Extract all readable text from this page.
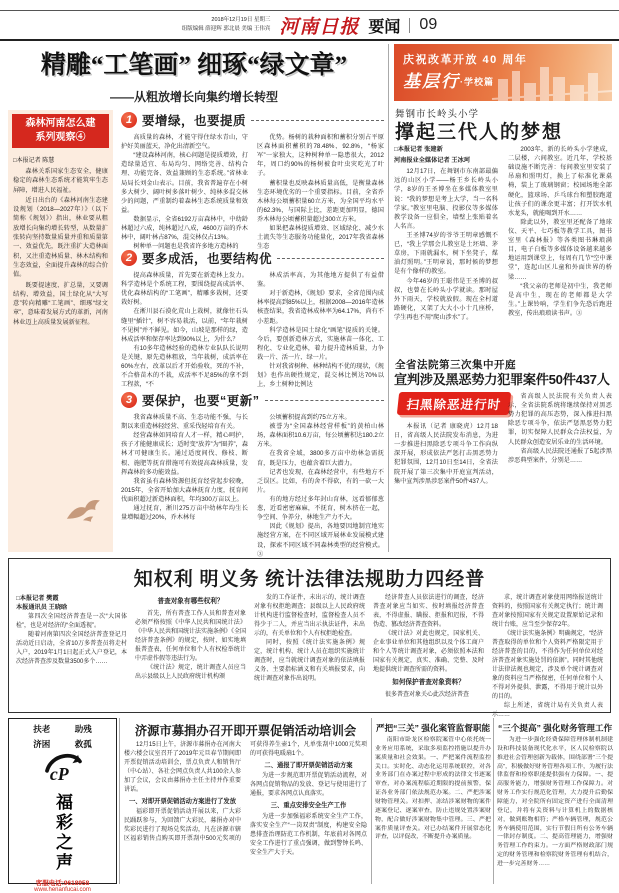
2018年12月19日 星期三
组版编辑 薛迎辉 郭北晨 美编 王伟宾 河南日报 要闻 09
精雕“工笔画” 细琢“绿文章”
——从粗放增长向集约增长转型
森林河南怎么建
系列观察④
□本报记者 陈慧

森林关系国家生态安全，健康稳定的森林生态系统才能筑牢生态屏障，增进人民福祉。

近日出台的《森林河南生态建设规划（2018—2027年）》（以下简称《规划》）指出，林业要从粗放增长向集约增长转型，从数量扩张转向坚持数量质量并重和质量第一、效益优先，既注重扩大造林面积，又注重造林质量、林木结构和生态效益，全面提升森林的综合价值。

既要提速度、扩总量，又要调结构、增效益，国土绿化从“大写意”转向精雕“工笔画”、细琢“绿文章”，意味着发展方式的革新，河南林业迈上高质量发展新征程。

1 要增绿，也要提质

高质量的森林，才能守得住绿水青山，守护好美丽蓝天，净化出清新空气。

“建设森林河南，核心问题是提质增效，打造绿量适宜、布局均匀、网络完善、结构合理、功能完备、效益兼顾的生态系统。”省林业局局长刘金山表示。目前，我省普遍存在小树多大树少、阔叶树多落叶树少、纯林多混交林少的问题，严重制约着森林生态系统质量和效益。

数据显示，全省6192万亩森林中，中幼龄林超过六成，纯林超过八成，4600万亩的乔木林中，阔叶林占87%，混交林仅占13%。

树种单一问题也是我省许多地方造林的

优势。杨树的栽种面积和蓄积分别占平原区森林面积蓄积的78.48%、92.8%，“杨家军”一家独大，这种树种单一隐患很大，2012年，周口约90%的杨树被食叶虫灾吃光了叶子。

蓄积量也反映森林质量高低，是衡量森林生态环境优劣的一个重要指标。目前，全省乔木林每公顷蓄积量60立方米，为全国平均水平的62.3%，与国际上比，差距更加明显，德国乔木林每公顷蓄积量超过300立方米。

如果把森林提质增效、区域绿化、减少水土流失等生态服务功能量化，2017年我省森林生态

2 要多成活，也要结构优

提高森林质量，首先要在新造林上发力。科学造林是个系统工程，要围绕提高成活率、优化森林结构的“工笔画”，精雕多栽树，还要栽好树。

在淅川县石漠化荒山上栽树，就像往石头缝里“插针”，树不容易栽活，以前，“年年栽树不见树”并不鲜见。如今，山坡是那样的绿，造林成活率和保存率达到90%以上，为什么？

有10多年造林经验的造林专业队队长说明是关键，原先造林粗放，当年栽树，成活率在60%左右，改革以后才开始验收，死的不补，不合格苗木的不栽，成活率不足85%的拿不到工程款，“不

林成活率高，为其他地方提供了有益借鉴。

对于新造林，《规划》要求，全省范围内成林率提高到85%以上，根据2008—2016年造林核查结果，我省造林成林率为64.17%，尚有不小差距。

科学造林是国土绿化“画笔”提质的关键。今后，要创新造林方式，实施林苗一体化、工程化、专业化造林，着力提升造林质量，力争栽一片、活一片、绿一片。

针对我省树种、林种结构不优的现状，《规划》也作出硬性规定，混交林比例达70%以上，乡土树种比例达

3 要保护，也要“更新”

我省森林质量不高、生态功能不强，与长期以来重造林轻经营、重采伐轻培育有关。

经营森林如同培育人才一样，精心呵护，孩子才能健康成长；适时变“放养”为“圈养”，森林才可健康生长。通过适度间伐、修枝、断根、施肥等抚育措施可有效提高森林质量，发挥森林的多功能效益。

我省虽有森林资源但抚育经营起步较晚，2015年，全省开始加大森林抚育力度，抚育间伐面积超过新造林面积，年均300万亩以上。

通过抚育，淅川275万亩中幼林年均生长量增幅超过20%，乔木林每

公顷蓄积提高到约75立方米。

被誉为“全国森林经营样板”的黄柏山林场，森林面积10.6万亩，每公顷蓄积达180.2立方米。

在我省全域，3800多万亩中幼林急需抚育，既是压力，也蕴含着巨大潜力。

记者也发现，在森林经营中，有些地方不乏误区。比如，有的舍不得砍，有的一砍一大片。

有的地方经过多年封山育林，远看郁郁葱葱，近看密密麻麻，不抚育，树木挤在一起，争空间、争养分，林地生产力不大。

因此《规划》提出，各地要因地制宜地实施经营方案，在不同区域开展林业发展模式建设，探索不同区域不同森林类型的经营模式。③

庆祝改革开放 40 周年
基层行$^{\cdot 学校篇}$
舞钢市长岭头小学
撑起三代人的梦想
□本报记者 张建新
河南报业全媒体记者 王冰珂

12月17日，在舞钢市东南部最偏远的山区小学——杨王乡长岭头小学，8岁的王圣博坐在多媒体教室里说：“我的梦想是考上大学，当一名科学家。”教室里电脑、投影仪等多媒体教学设备一应俱全，墙壁上张贴着名人名言。

王圣博74岁的爷爷王明章感慨不已，“我上学那会儿教室是土坯墙、茅草房，下雨就漏水，树下坐凳子，煤油灯照明。”王明章说，那时候的梦想是有个像样的教室。

今年46岁的王聪伟是王圣博的叔叔，也曾在长岭头小学就读。那时屋外下雨天，学校就放假。现在全村道路硬化，又架了大大小小十几座桥，学生再也不用“爬山涉水”了。

2003年，新的长岭头小学建成，二层楼，六间教室。近几年，学校基础设施不断完善：每间教室里安装了吊扇和照明灯，换上了标准化课桌椅，装上了玻璃钢窗；校园场地全部硬化，篮球场、乒乓球台和塑胶跑道让孩子们的课余更丰富；打开饮水机水龙头，就能喝到开水……

除此以外，教室里还配备了地球仪、天平、七巧板等教学工具，图书室里《森林报》等各类图书琳琅满目，电子白板等多媒体设备越来越多地运用到课堂上，每周有几节“空中课堂”，连起山区儿童和外面世界的桥梁……

“我父亲的老师是初中生，我老师是高中生，现在的老师都是大学生。”上课铃响，学生们争先恐后跑进教室，传出琅琅读书声。③

全省法院第三次集中开庭
宣判涉及黑恶势力犯罪案件50件437人
扫黑除恶进行时

本报讯（记者 康晓虎）12月18日，省高级人民法院发布消息，为进一步推进扫黑除恶专项斗争工作向纵深开展，形成依法严惩打击黑恶势力犯罪氛围，12月10日至14日，全省法院开展了第三次集中开庭宣判活动，集中宣判涉黑涉恶案件50件437人。

省高级人民法院有关负责人表示，全省法院系统将继续保持对黑恶势力犯罪的高压态势，深入推进扫黑除恶专项斗争，依法严惩黑恶势力犯罪，切实保障人民群众合法权益，为人民群众创造安居乐业的生活环境。

省高级人民法院还通报了5起涉黑涉恶典型案件，分别是……

知权利 明义务 统计法律法规助力四经普
□本报记者 樊霞
本报通讯员 王晓晗

第四次全国经济普查是一次“大国体检”，也是对经济的“全面透视”。

随着河南第四次全国经济普查登记月活动近日启动，全省10万多普查员将走村入户，2019年1月1日起正式入户登记，本次经济普查涉及数量3500多个……

普查对象有哪些权利？

首先，所有普查工作人员和普查对象必须严格按照《中华人民共和国统计法》《中华人民共和国统计法实施条例》《全国经济普查条例》的规定，按时、如实地填报普查表，任何单位和个人有权检举统计中弄虚作假等违法行为。

《统计法》规定，统计调查人员应当出示县级以上人民政府统计机构颁

发的工作证件，未出示的，统计调查对象有权拒绝调查；县级以上人民政府统计机构进行监督检查时，监督检查人员不得少于二人，并应当出示执法证件，未出示的，有关单位和个人有权拒绝检查。

同时，按照《统计法实施条例》规定，统计机构、统计人员在组织实施统计调查时，应当就统计调查对象的依法填报义务、主要指标涵义和有关填报要求，向统计调查对象作出说明。

经济普查人员依法进行的调查，经济普查对象应当如实、按时填报经济普查表，不得虚报、瞒报、拒报和迟报，不得伪造、篡改经济普查资料。

《统计法》对此也规定，国家机关、企业事业单位和其他组织以及个体工商户和个人等统计调查对象，必须依照本法和国家有关规定，真实、准确、完整、及时地提供统计调查所需的资料。

如何保护普查对象资料？

很多普查对象关心此次经济普查

求，统计调查对象使用网络报送统计资料的，按照国家有关规定执行；统计调查对象按照国家有关规定设置原始记录和统计台账，应当至少保存2年。

《统计法实施条例》明确规定，“经济普查取得的单位和个人资料严格限定用于经济普查的目的，不得作为任何单位对经济普查对象实施处罚的依据”。同时其他统计法律法规也规定，涉及单个统计调查对象的资料应当严格保密，任何单位和个人不得对外提供、泄露，不得用于统计以外的目的。

综上所述，省统计局有关负责人表示……

扶老	助残
济困	救孤
cP
福彩之声
客服电话:9618958
www.henanfucai.com
济源市募捐办召开即开票促销活动培训会

12月15日上午，济源市募捐办在河南大楼六楼会议室召开了2019年元旦春节期间即开票促销活动培训会，票点负责人和销售厅（中心站）、各社会网点负责人共100余人参加了会议，会议由募捐办主任主持并作重要讲话。

一、对即开票促销活动方案进行了发放

福彩即开票促销活动开展以来，广大彩民踊跃参与，为回馈广大彩民，募捐办对中奖彩民进行了现场兑奖活动，凡在济源市辖区福彩销售点购买即开票刮中500元奖项的可获得养生壶1个，凡单张刮中1000元奖项的可获得电暖扇1个。

二、通报了即开票促销活动方案

为进一步规范即开票促销活动流程，对各网点促销物品的发放、登记与使用进行了通报，要求各网点认真落实。

三、重点安排安全生产工作

为进一步加强福彩系统安全生产工作，落实安全生产“一岗双责”制度，构建安全隐患排查治理防范工作机制，年底前对各网点安全工作进行了重点强调，做到警钟长鸣、安全生产大于天。

严把“三关” 强化案管监督职能

南阳市卧龙区检察院案管中心依托统一业务应用系统，采取多项监控措施以提升办案质量和社会效果。一、严把案件流程监控关口。实时化、动态化运用系统联控，对各业务部门在办案过程中形成的法律文书逐案审查，对办案流程临近期限的提前预警，保证各业务部门依法规范办案。二、严把涉案财物管理关。对扣押、冻结涉案财物的案件逐案登记、逐案审查，防止违规处置涉案财物，配合做好涉案财物集中管理。三、严把案件质量评查关。对已办结案件开展常态化评查，以评促改，不断提升办案质量。

“三个提高” 强化财务管理工作

为进一步强化经费保障管理体制机制建设和科技装备现代化水平，区人民检察院以推进社会管理创新为载体，围绕部署“三个提高”，积极做好财务管理各项工作，为履行法律监督和检察职能提供强有力保障。一、提高服务能力，增强财务管理工作保障力。对财务工作实行规范化管理，大力提升后勤保障能力，对全院所有固定资产进行全面清理登记，并将有关资料与计算机上的数据核对，做到账物相符；严格车辆管理，规范公务车辆使用范围，实行节假日所有公务车辆一律封存制度。二、提高管理能力，增强财务管理工作约束力。一方面严格财政部门规定的财务管理和检察院财务管理有机结合，进一步完善财务……
